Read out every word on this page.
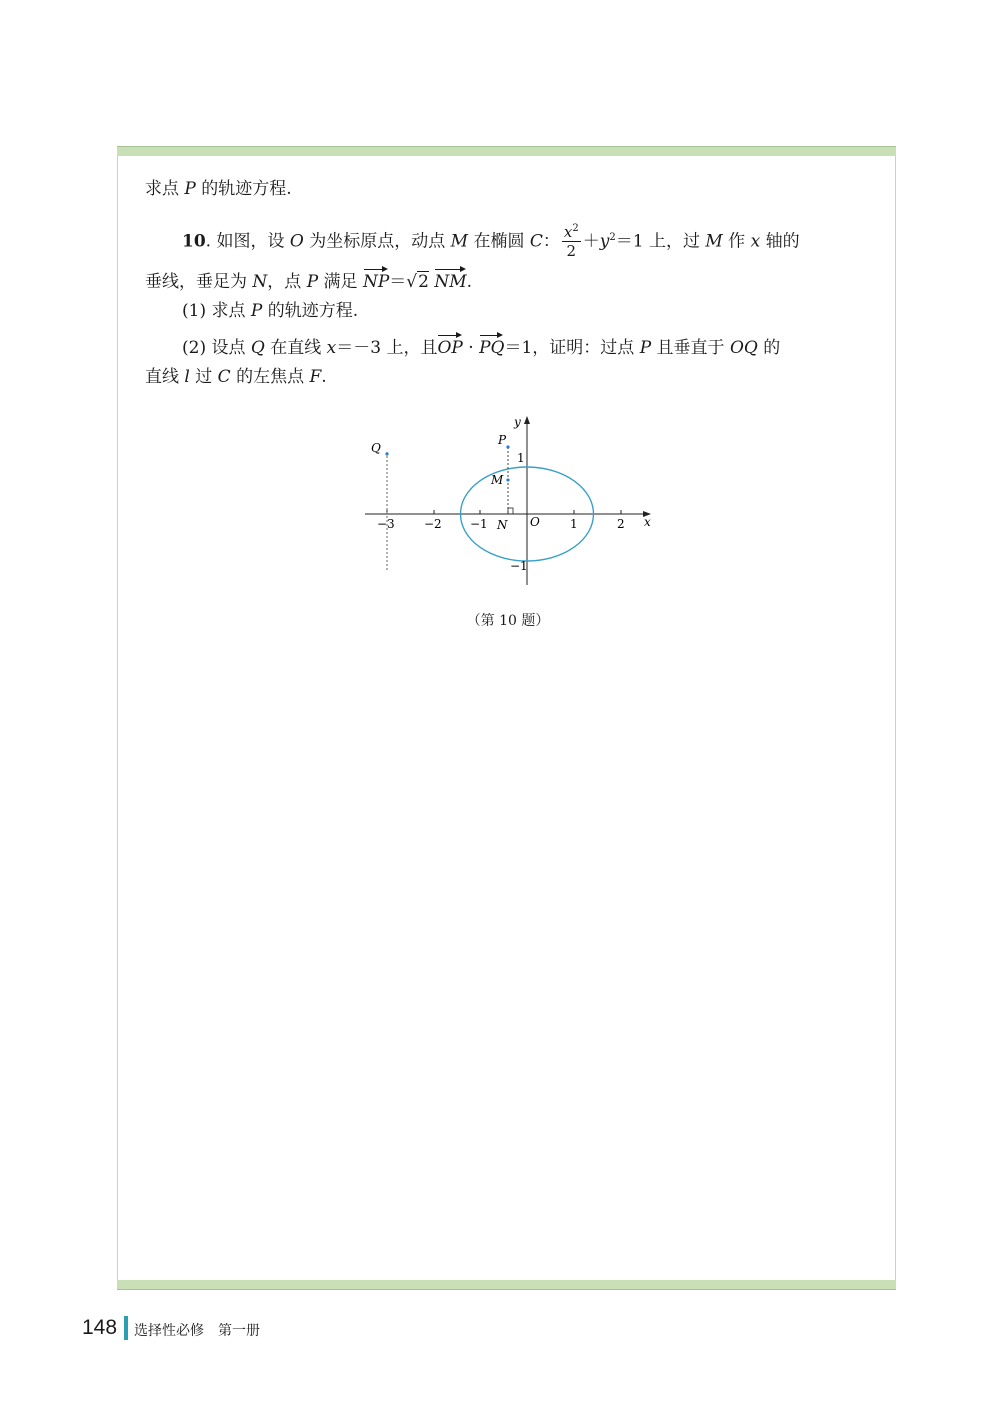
求点 P 的轨迹方程.
10. 如图，设 O 为坐标原点，动点 M 在椭圆 C： $\frac{x^2}{2} +y^2=1$ 上，过 M 作 x 轴的
垂线，垂足为 N，点 P 满足 NP＝√2 NM.
(1) 求点 P 的轨迹方程.
(2) 设点 Q 在直线 x＝－3 上，且OP · PQ＝1，证明：过点 P 且垂直于 OQ 的
直线 l 过 C 的左焦点 F.
x
y
O
P
M
N
Q
−3 −2 −1	1	2
1
−1
（第 10 题）
148 选择性必修　第一册
